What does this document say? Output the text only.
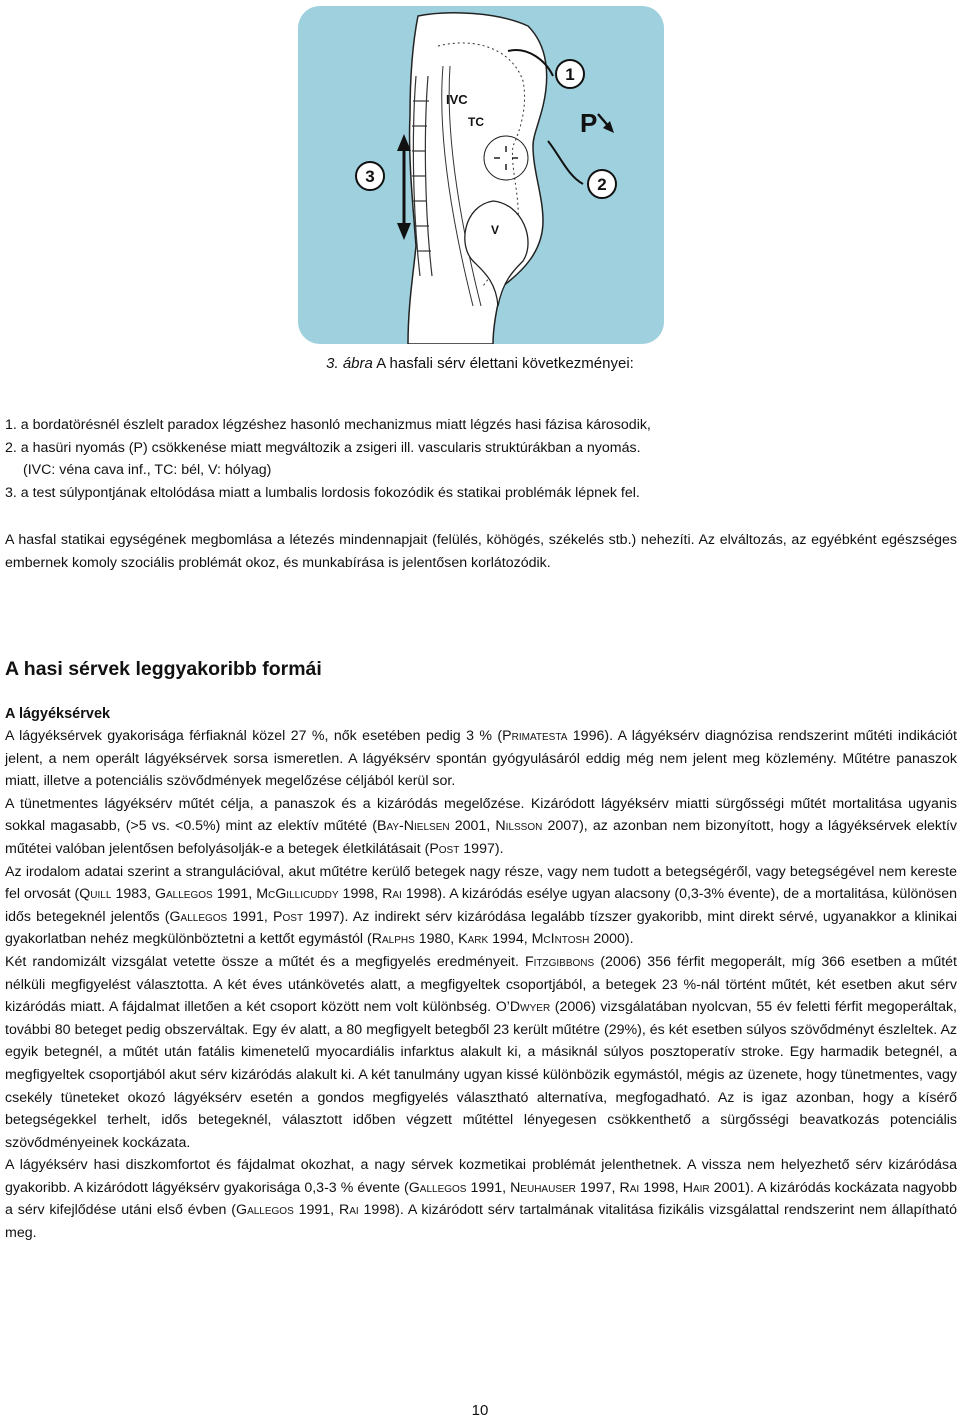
1
2
3
IVC
TC
V
P
3. ábra A hasfali sérv élettani következményei:
1. a bordatörésnél észlelt paradox légzéshez hasonló mechanizmus miatt légzés hasi fázisa károsodik,
2. a hasüri nyomás (P) csökkenése miatt megváltozik a zsigeri ill. vascularis struktúrákban a nyomás.
(IVC: véna cava inf., TC: bél, V: hólyag)
3. a test súlypontjának eltolódása miatt a lumbalis lordosis fokozódik és statikai problémák lépnek fel.
A hasfal statikai egységének megbomlása a létezés mindennapjait (felülés, köhögés, székelés stb.) nehezíti. Az elváltozás, az egyébként egészséges embernek komoly szociális problémát okoz, és munkabírása is jelentősen korlátozódik.
A hasi sérvek leggyakoribb formái
A lágyéksérvek

A lágyéksérvek gyakorisága férfiaknál közel 27 %, nők esetében pedig 3 % (Primatesta 1996). A lágyéksérv diagnózisa rendszerint műtéti indikációt jelent, a nem operált lágyéksérvek sorsa ismeretlen. A lágyéksérv spontán gyógyulásáról eddig még nem jelent meg közlemény. Műtétre panaszok miatt, illetve a potenciális szövődmények megelőzése céljából kerül sor.

A tünetmentes lágyéksérv műtét célja, a panaszok és a kizáródás megelőzése. Kizáródott lágyéksérv miatti sürgősségi műtét mortalitása ugyanis sokkal magasabb, (>5 vs. <0.5%) mint az elektív műtété (Bay-Nielsen 2001, Nilsson 2007), az azonban nem bizonyított, hogy a lágyéksérvek elektív műtétei valóban jelentősen befolyásolják-e a betegek életkilátásait (Post 1997).

Az irodalom adatai szerint a strangulációval, akut műtétre kerülő betegek nagy része, vagy nem tudott a betegségéről, vagy betegségével nem kereste fel orvosát (Quill 1983, Gallegos 1991, McGillicuddy 1998, Rai 1998). A kizáródás esélye ugyan alacsony (0,3-3% évente), de a mortalitása, különösen idős betegeknél jelentős (Gallegos 1991, Post 1997). Az indirekt sérv kizáródása legalább tízszer gyakoribb, mint direkt sérvé, ugyanakkor a klinikai gyakorlatban nehéz megkülönböztetni a kettőt egymástól (Ralphs 1980, Kark 1994, McIntosh 2000).

Két randomizált vizsgálat vetette össze a műtét és a megfigyelés eredményeit. Fitzgibbons (2006) 356 férfit megoperált, míg 366 esetben a műtét nélküli megfigyelést választotta. A két éves utánkövetés alatt, a megfigyeltek csoportjából, a betegek 23 %-nál történt műtét, két esetben akut sérv kizáródás miatt. A fájdalmat illetően a két csoport között nem volt különbség. O’Dwyer (2006) vizsgálatában nyolcvan, 55 év feletti férfit megoperáltak, további 80 beteget pedig obszerváltak. Egy év alatt, a 80 megfigyelt betegből 23 került műtétre (29%), és két esetben súlyos szövődményt észleltek. Az egyik betegnél, a műtét után fatális kimenetelű myocardiális infarktus alakult ki, a másiknál súlyos posztoperatív stroke. Egy harmadik betegnél, a megfigyeltek csoportjából akut sérv kizáródás alakult ki. A két tanulmány ugyan kissé különbözik egymástól, mégis az üzenete, hogy tünetmentes, vagy csekély tüneteket okozó lágyéksérv esetén a gondos megfigyelés választható alternatíva, megfogadható. Az is igaz azonban, hogy a kísérő betegségekkel terhelt, idős betegeknél, választott időben végzett műtéttel lényegesen csökkenthető a sürgősségi beavatkozás potenciális szövődményeinek kockázata.

A lágyéksérv hasi diszkomfortot és fájdalmat okozhat, a nagy sérvek kozmetikai problémát jelenthetnek. A vissza nem helyezhető sérv kizáródása gyakoribb. A kizáródott lágyéksérv gyakorisága 0,3-3 % évente (Gallegos 1991, Neuhauser 1997, Rai 1998, Hair 2001). A kizáródás kockázata nagyobb a sérv kifejlődése utáni első évben (Gallegos 1991, Rai 1998). A kizáródott sérv tartalmának vitalitása fizikális vizsgálattal rendszerint nem állapítható meg.

10
